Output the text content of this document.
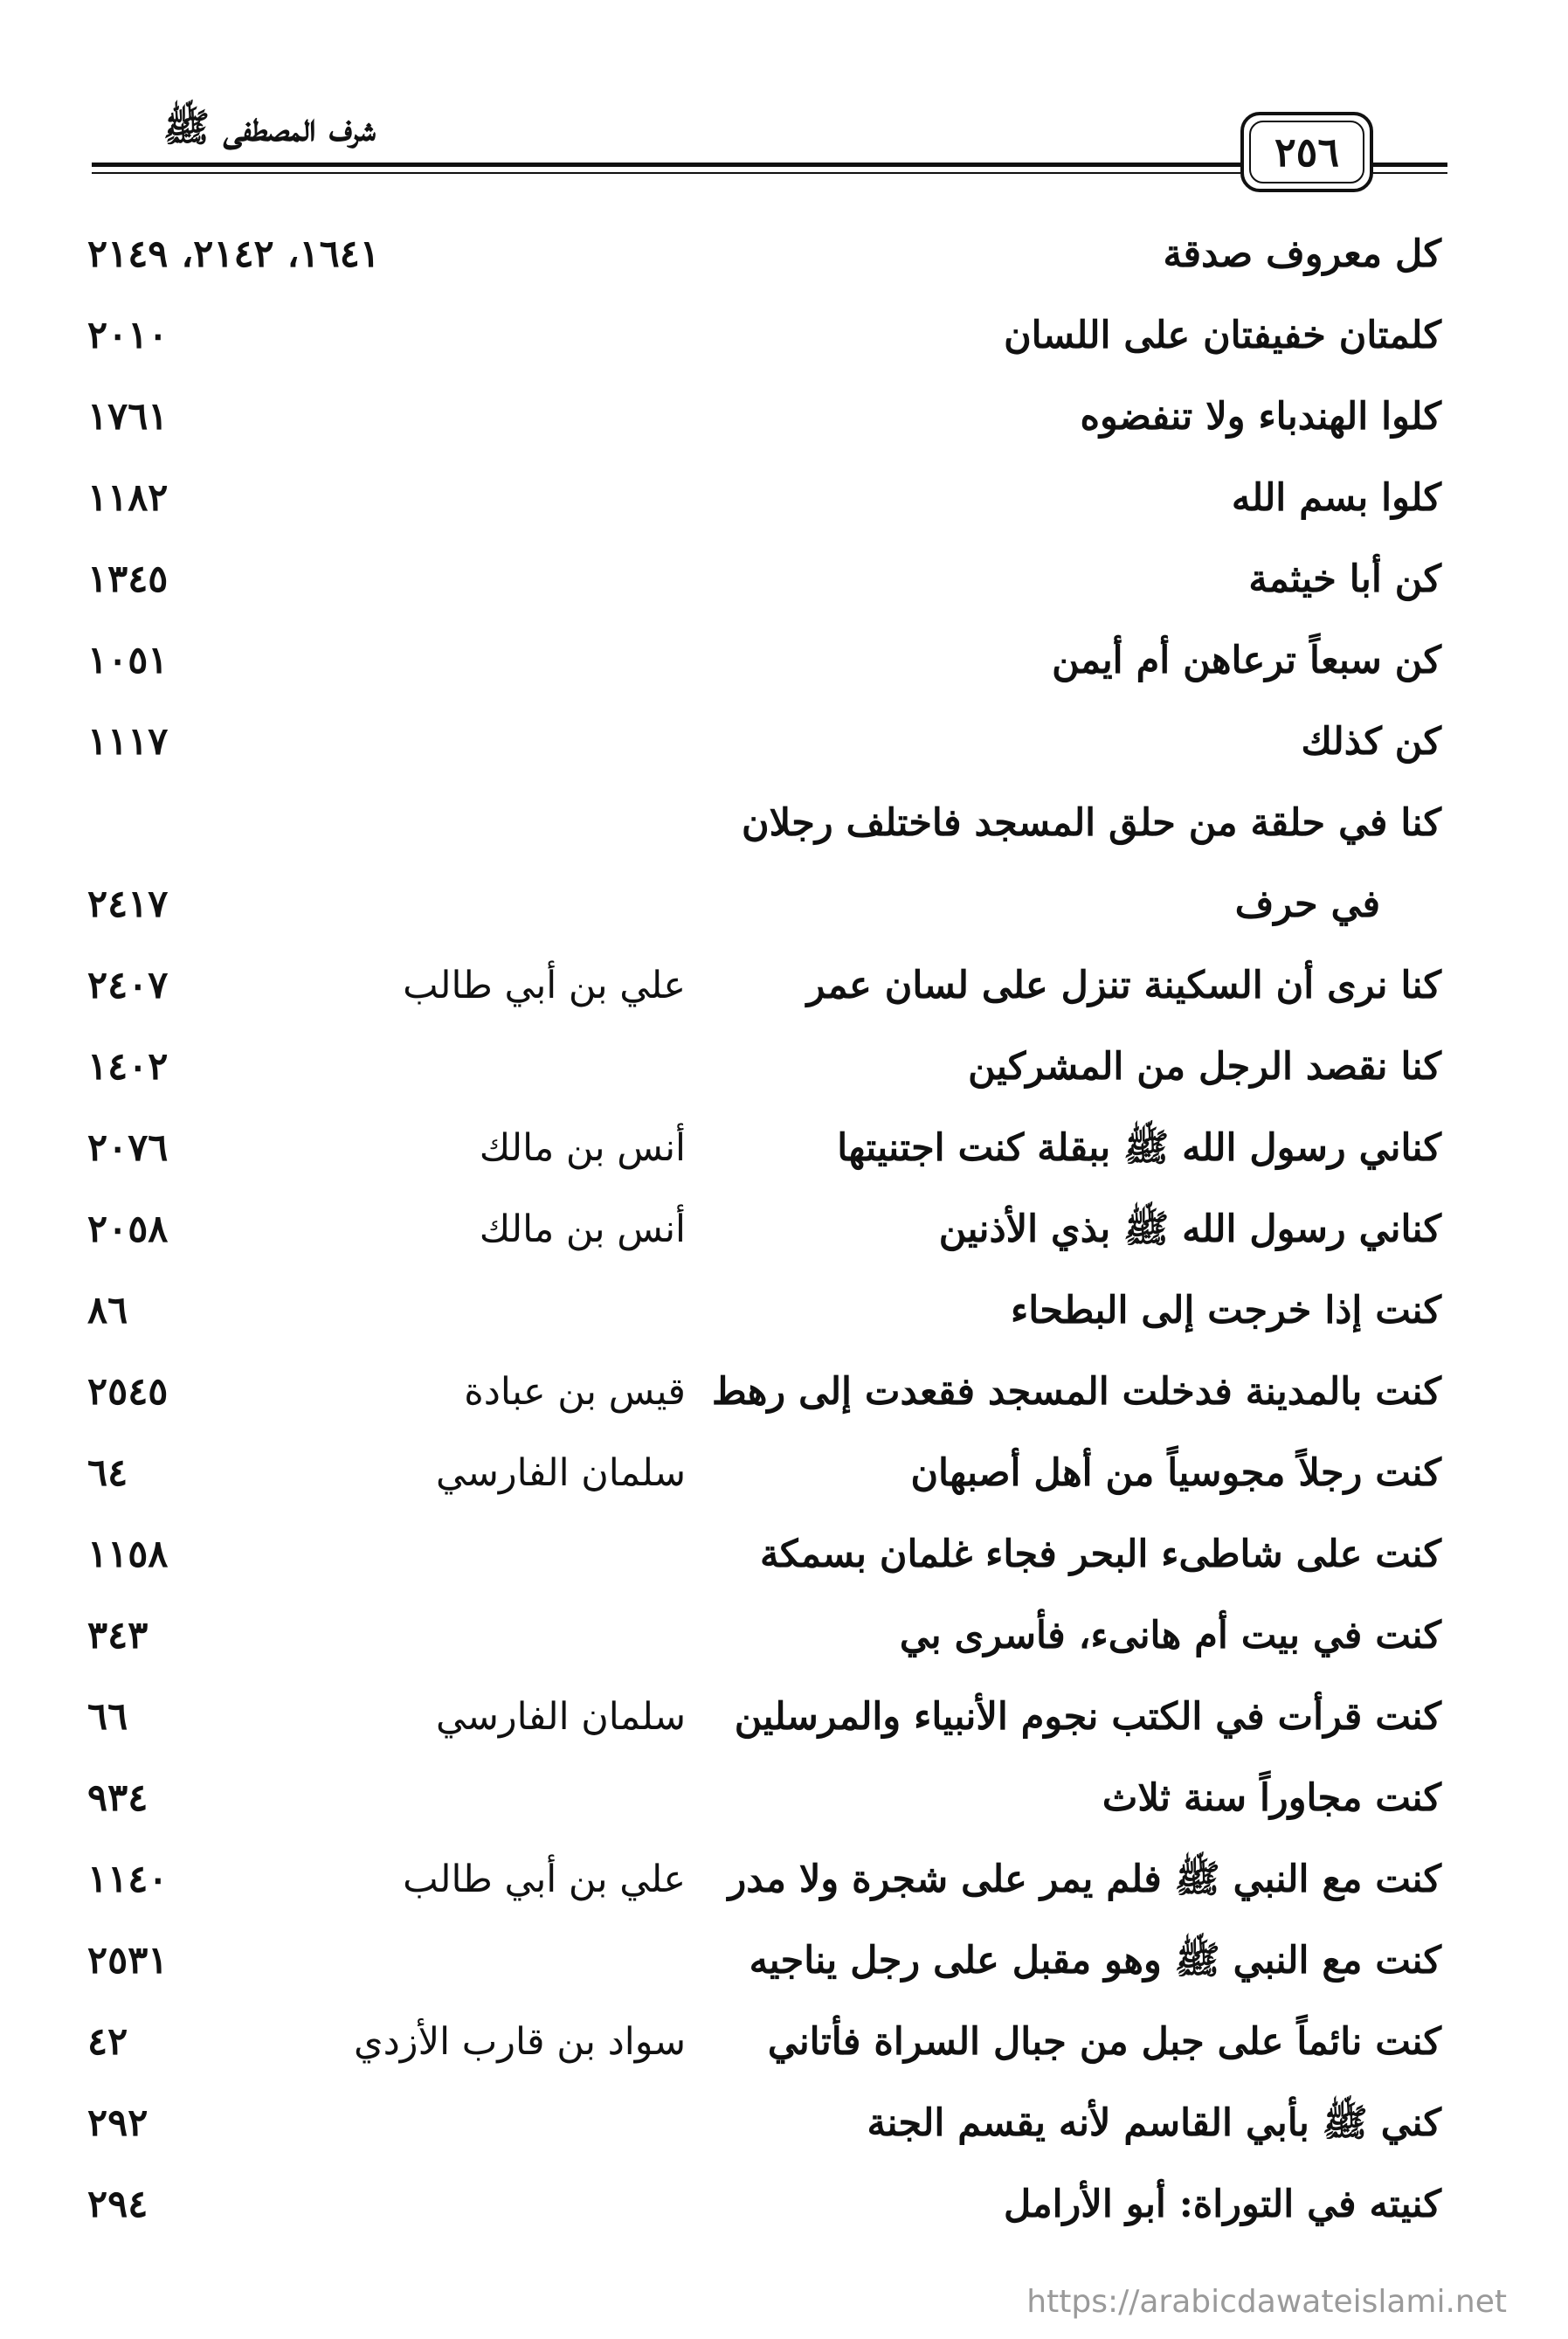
شرف المصطفى ﷺ
٢٥٦
كل معروف صدقة
١٦٤١، ٢١٤٢، ٢١٤٩
كلمتان خفيفتان على اللسان
٢٠١٠
كلوا الهندباء ولا تنفضوه
١٧٦١
كلوا بسم الله
١١٨٢
كن أبا خيثمة
١٣٤٥
كن سبعاً ترعاهن أم أيمن
١٠٥١
كن كذلك
١١١٧
كنا في حلقة من حلق المسجد فاختلف رجلان
في حرف
٢٤١٧
كنا نرى أن السكينة تنزل على لسان عمر
علي بن أبي طالب
٢٤٠٧
كنا نقصد الرجل من المشركين
١٤٠٢
كناني رسول الله ﷺ ببقلة كنت اجتنيتها
أنس بن مالك
٢٠٧٦
كناني رسول الله ﷺ بذي الأذنين
أنس بن مالك
٢٠٥٨
كنت إذا خرجت إلى البطحاء
٨٦
كنت بالمدينة فدخلت المسجد فقعدت إلى رهط
قيس بن عبادة
٢٥٤٥
كنت رجلاً مجوسياً من أهل أصبهان
سلمان الفارسي
٦٤
كنت على شاطىء البحر فجاء غلمان بسمكة
١١٥٨
كنت في بيت أم هانىء، فأسرى بي
٣٤٣
كنت قرأت في الكتب نجوم الأنبياء والمرسلين
سلمان الفارسي
٦٦
كنت مجاوراً سنة ثلاث
٩٣٤
كنت مع النبي ﷺ فلم يمر على شجرة ولا مدر
علي بن أبي طالب
١١٤٠
كنت مع النبي ﷺ وهو مقبل على رجل يناجيه
٢٥٣١
كنت نائماً على جبل من جبال السراة فأتاني
سواد بن قارب الأزدي
٤٢
كني ﷺ بأبي القاسم لأنه يقسم الجنة
٢٩٢
كنيته في التوراة: أبو الأرامل
٢٩٤
https://arabicdawateislami.net
